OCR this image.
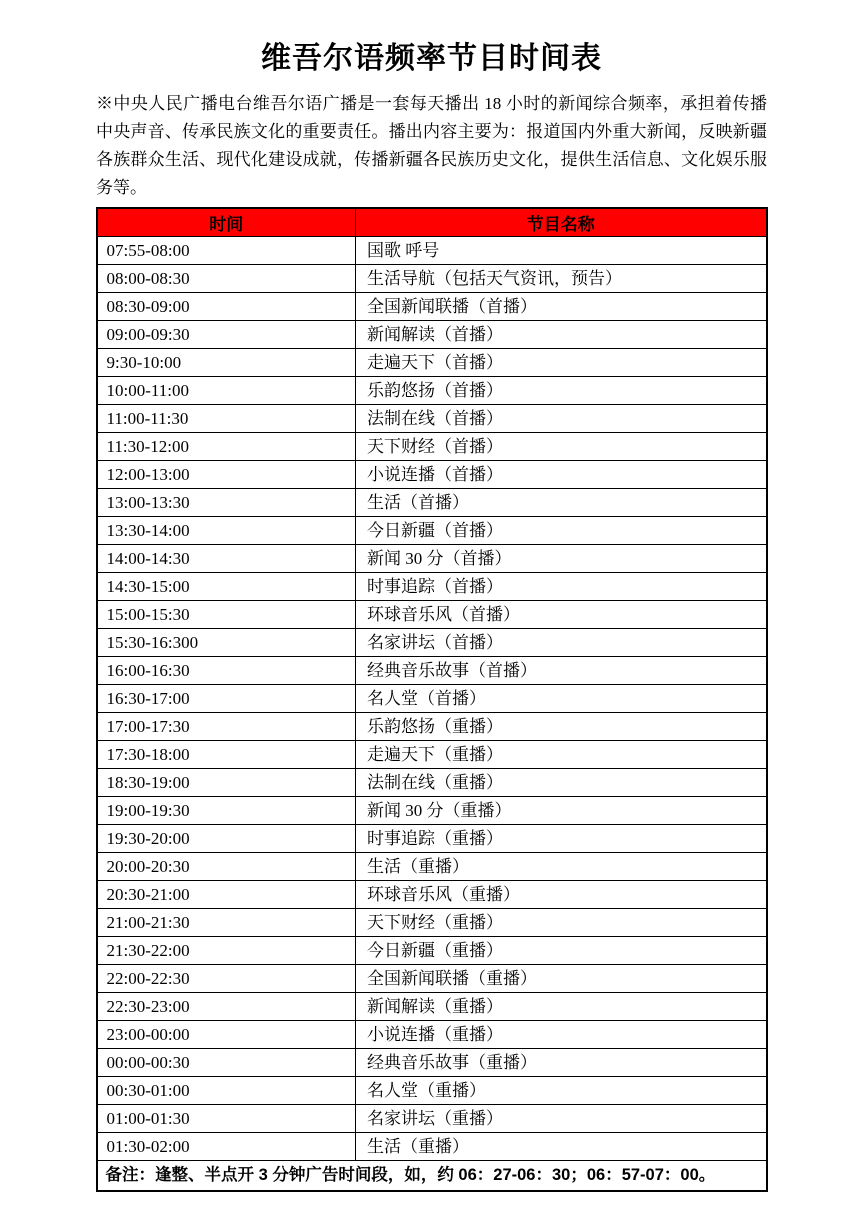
维吾尔语频率节目时间表

※中央人民广播电台维吾尔语广播是一套每天播出 18 小时的新闻综合频率，承担着传播中央声音、传承民族文化的重要责任。播出内容主要为：报道国内外重大新闻，反映新疆各族群众生活、现代化建设成就，传播新疆各民族历史文化，提供生活信息、文化娱乐服务等。

时间	节目名称
07:55-08:00	国歌 呼号
08:00-08:30	生活导航（包括天气资讯，预告）
08:30-09:00	全国新闻联播（首播）
09:00-09:30	新闻解读（首播）
9:30-10:00	走遍天下（首播）
10:00-11:00	乐韵悠扬（首播）
11:00-11:30	法制在线（首播）
11:30-12:00	天下财经（首播）
12:00-13:00	小说连播（首播）
13:00-13:30	生活（首播）
13:30-14:00	今日新疆（首播）
14:00-14:30	新闻 30 分（首播）
14:30-15:00	时事追踪（首播）
15:00-15:30	环球音乐风（首播）
15:30-16:300	名家讲坛（首播）
16:00-16:30	经典音乐故事（首播）
16:30-17:00	名人堂（首播）
17:00-17:30	乐韵悠扬（重播）
17:30-18:00	走遍天下（重播）
18:30-19:00	法制在线（重播）
19:00-19:30	新闻 30 分（重播）
19:30-20:00	时事追踪（重播）
20:00-20:30	生活（重播）
20:30-21:00	环球音乐风（重播）
21:00-21:30	天下财经（重播）
21:30-22:00	今日新疆（重播）
22:00-22:30	全国新闻联播（重播）
22:30-23:00	新闻解读（重播）
23:00-00:00	小说连播（重播）
00:00-00:30	经典音乐故事（重播）
00:30-01:00	名人堂（重播）
01:00-01:30	名家讲坛（重播）
01:30-02:00	生活（重播）
备注：逢整、半点开 3 分钟广告时间段，如，约 06：27-06：30；06：57-07：00。	
